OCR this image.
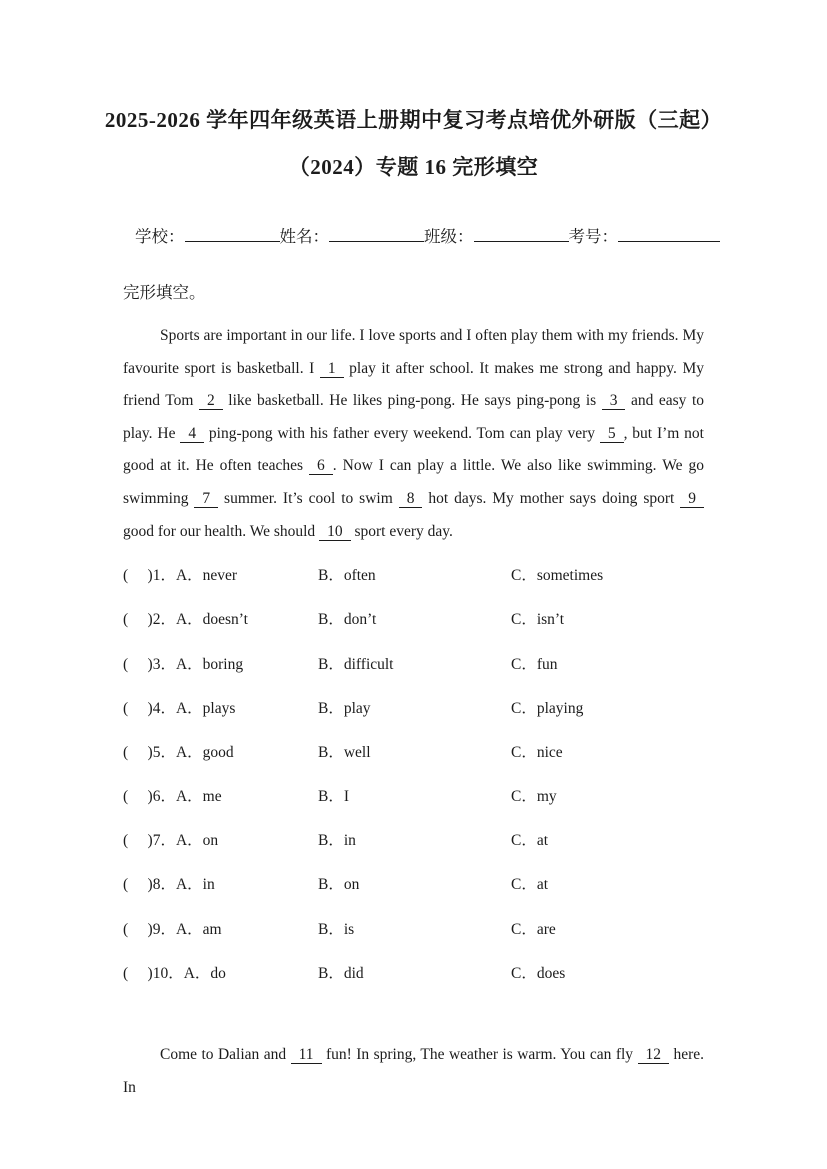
2025-2026 学年四年级英语上册期中复习考点培优外研版（三起）
（2024）专题 16 完形填空
学校：	姓名：	班级：	考号：
完形填空。
Sports are important in our life. I love sports and I often play them with my friends. My favourite sport is basketball. I 1 play it after school. It makes me strong and happy. My friend Tom 2 like basketball. He likes ping-pong. He says ping-pong is 3 and easy to play. He 4 ping-pong with his father every weekend. Tom can play very 5 , but I’m not good at it. He often teaches 6 . Now I can play a little. We also like swimming. We go swimming 7 summer. It’s cool to swim 8 hot days. My mother says doing sport 9 good for our health. We should 10 sport every day.
(　 )1．A．never	B．often	C．sometimes
(　 )2．A．doesn’t	B．don’t	C．isn’t
(　 )3．A．boring	B．difficult	C．fun
(　 )4．A．plays	B．play	C．playing
(　 )5．A．good	B．well	C．nice
(　 )6．A．me	B．I	C．my
(　 )7．A．on	B．in	C．at
(　 )8．A．in	B．on	C．at
(　 )9．A．am	B．is	C．are
(　 )10．A．do	B．did	C．does
Come to Dalian and 11 fun! In spring, The weather is warm. You can fly 12 here. In
